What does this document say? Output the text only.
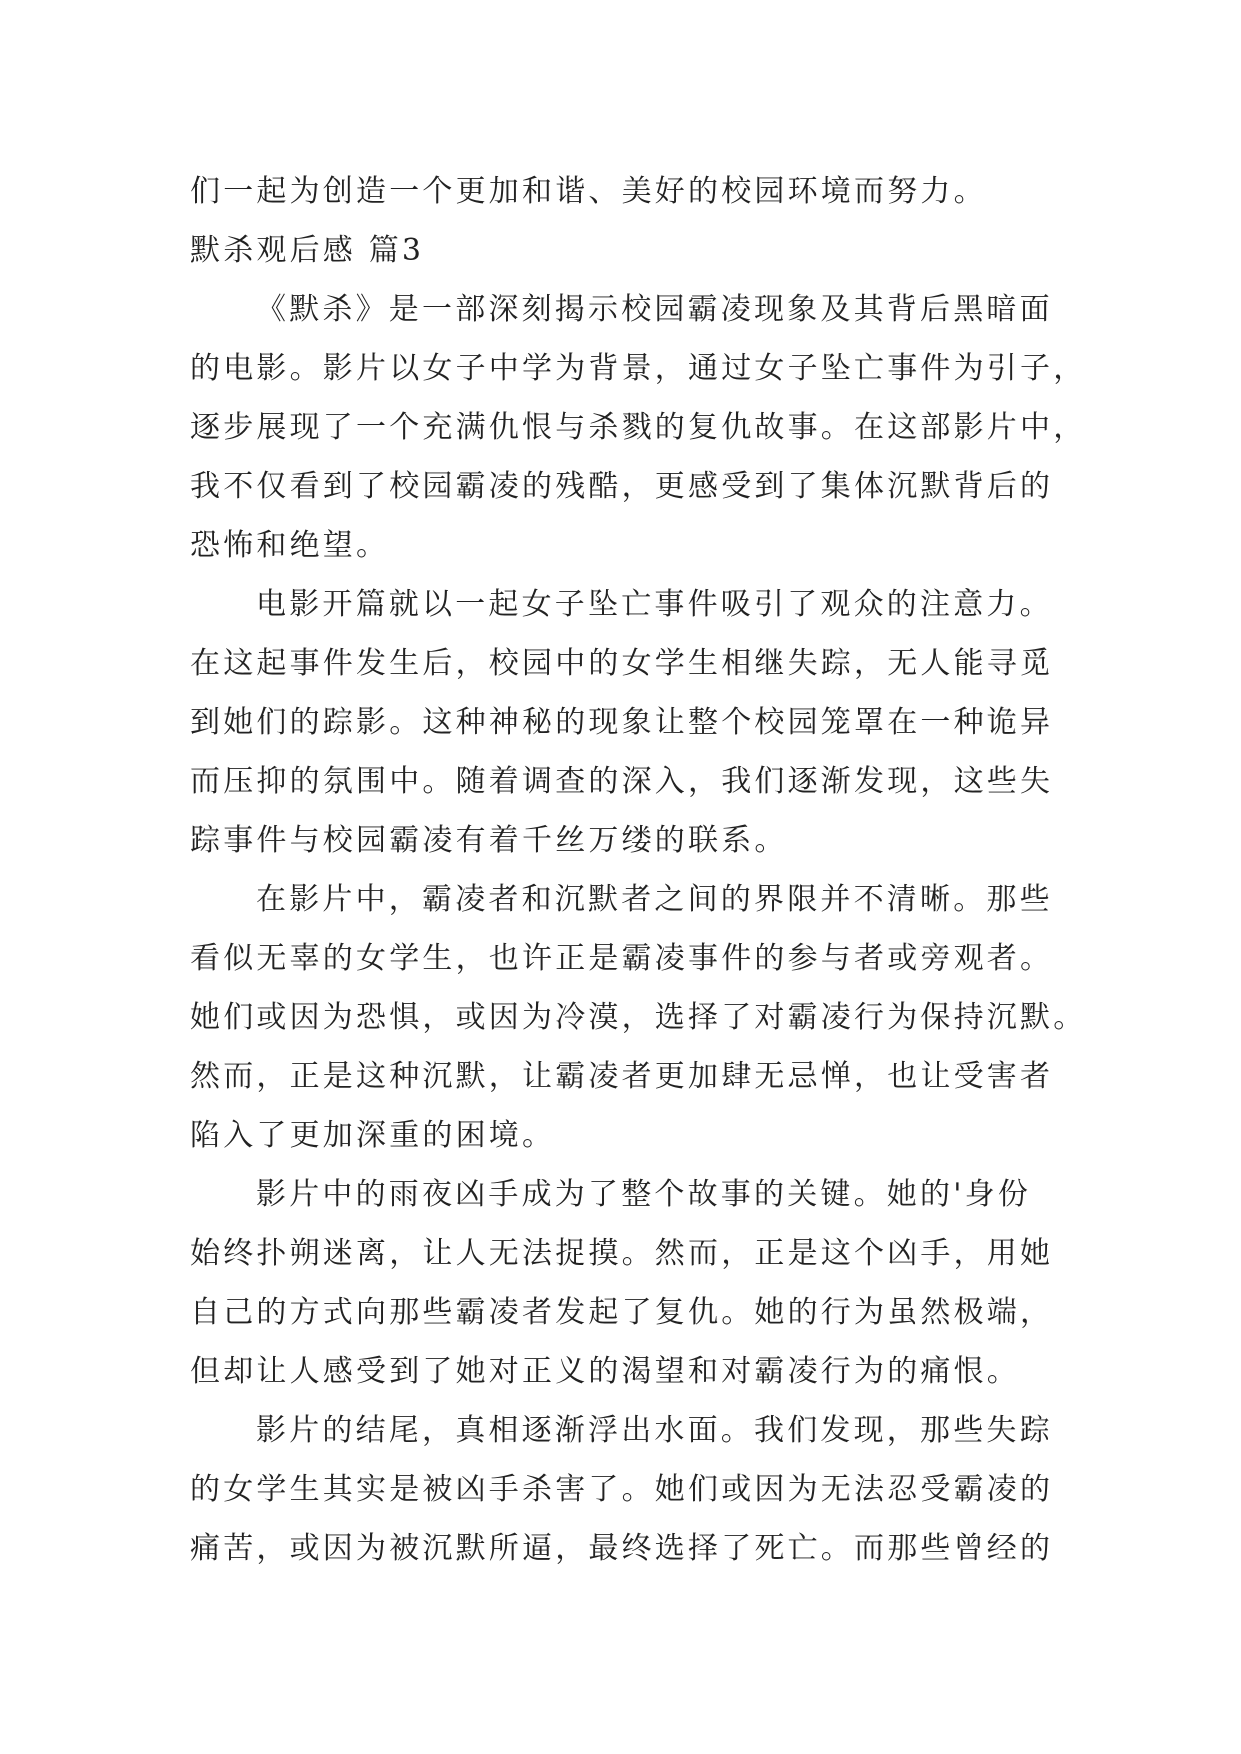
们一起为创造一个更加和谐、美好的校园环境而努力。
默杀观后感 篇3
《默杀》是一部深刻揭示校园霸凌现象及其背后黑暗面
的电影。影片以女子中学为背景，通过女子坠亡事件为引子，
逐步展现了一个充满仇恨与杀戮的复仇故事。在这部影片中，
我不仅看到了校园霸凌的残酷，更感受到了集体沉默背后的
恐怖和绝望。
电影开篇就以一起女子坠亡事件吸引了观众的注意力。
在这起事件发生后，校园中的女学生相继失踪，无人能寻觅
到她们的踪影。这种神秘的现象让整个校园笼罩在一种诡异
而压抑的氛围中。随着调查的深入，我们逐渐发现，这些失
踪事件与校园霸凌有着千丝万缕的联系。
在影片中，霸凌者和沉默者之间的界限并不清晰。那些
看似无辜的女学生，也许正是霸凌事件的参与者或旁观者。
她们或因为恐惧，或因为冷漠，选择了对霸凌行为保持沉默。
然而，正是这种沉默，让霸凌者更加肆无忌惮，也让受害者
陷入了更加深重的困境。
影片中的雨夜凶手成为了整个故事的关键。她的'身份
始终扑朔迷离，让人无法捉摸。然而，正是这个凶手，用她
自己的方式向那些霸凌者发起了复仇。她的行为虽然极端，
但却让人感受到了她对正义的渴望和对霸凌行为的痛恨。
影片的结尾，真相逐渐浮出水面。我们发现，那些失踪
的女学生其实是被凶手杀害了。她们或因为无法忍受霸凌的
痛苦，或因为被沉默所逼，最终选择了死亡。而那些曾经的
